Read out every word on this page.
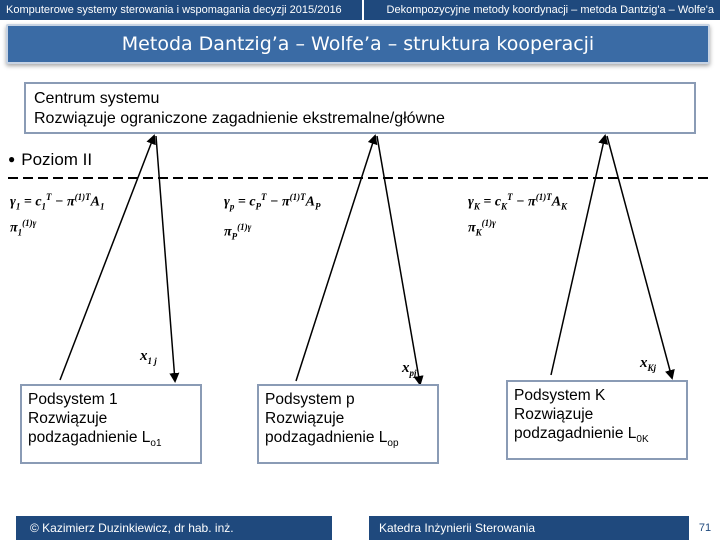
Komputerowe systemy sterowania i wspomagania decyzji 2015/2016	Dekompozycyjne metody koordynacji – metoda Dantzig'a – Wolfe'a
Metoda Dantzig’a – Wolfe’a – struktura kooperacji
Centrum systemu
Rozwiązuje ograniczone zagadnienie ekstremalne/główne
● Poziom II
$\gamma_1 = c_1^T - \pi^{(1)T}A_1$
$\pi_1^{(1)\gamma}$
$\gamma_p = c_P^T - \pi^{(1)T}A_P$
$\pi_P^{(1)\gamma}$
$\gamma_K = c_K^T - \pi^{(1)T}A_K$
$\pi_K^{(1)\gamma}$
$x_{1 j}$	$x_{pj}$
$x_{Kj}$
Podsystem 1
Rozwiązuje
podzagadnienie $L_{o1}$
Podsystem p
Rozwiązuje
podzagadnienie $L_{op}$
Podsystem K
Rozwiązuje
podzagadnienie $L_{0K}$
© Kazimierz Duzinkiewicz, dr hab. inż.	Katedra Inżynierii Sterowania	71
